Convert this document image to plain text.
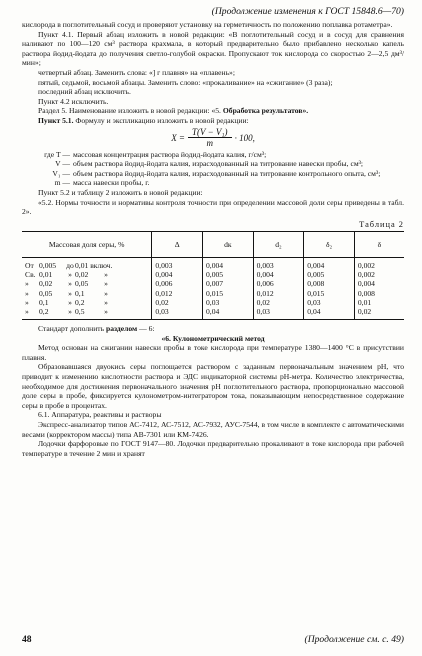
(Продолжение изменения к ГОСТ 15848.6—70)

кислорода в поглотительный сосуд и проверяют установку на герметичность по положению поплавка ротаметра».

Пункт 4.1. Первый абзац изложить в новой редакции: «В поглотительный сосуд и в сосуд для сравнения наливают по 100—120 см³ раствора крахмала, в который предварительно было прибавлено несколько капель раствора йодид-йодата до получения светло-голубой окраски. Пропускают ток кислорода со скоростью 2—2,5 дм³/мин»;

четвертый абзац. Заменить слова: «] г плавня» на «плавень»;

пятый, седьмой, восьмой абзацы. Заменить слово: «прокаливание» на «сжигание» (3 раза);

последний абзац исключить.

Пункт 4.2 исключить.

Раздел 5. Наименование изложить в новой редакции: «5. Обработка результатов».

Пункт 5.1. Формулу и экспликацию изложить в новой редакции:

$X = \frac{\text{T(V − V₁)}}{m} \cdot 100$,
где T — массовая концентрация раствора йодид-йодата калия, г/см³;
V — объем раствора йодид-йодата калия, израсходованный на титрование навески пробы, см³;
V₁ — объем раствора йодид-йодата калия, израсходованный на титрование контрольного опыта, см³;
m — масса навески пробы, г.

Пункт 5.2 и таблицу 2 изложить в новой редакции:

«5.2. Нормы точности и нормативы контроля точности при определении массовой доли серы приведены в табл. 2».

Таблица 2
Массовая доля серы, %	Δ	dк	d₂	δ₂	δ
От 0,005 до0,01 включ.	0,003	0,004	0,003	0,004	0,002
Св. 0,01 » 0,02 »	0,004	0,005	0,004	0,005	0,002
» 0,02 » 0,05 »	0,006	0,007	0,006	0,008	0,004
» 0,05 » 0,1 »	0,012	0,015	0,012	0,015	0,008
» 0,1 » 0,2 »	0,02	0,03	0,02	0,03	0,01
» 0,2 » 0,5 »	0,03	0,04	0,03	0,04	0,02

Стандарт дополнить разделом — 6:

«6. Кулонометрический метод

Метод основан на сжигании навески пробы в токе кислорода при температуре 1380—1400 °С в присутствии плавня.

Образовавшаяся двуокись серы поглощается раствором с заданным первоначальным значением рН, что приводит к изменению кислотности раствора и ЭДС индикаторной системы рН-метра. Количество электричества, необходимое для достижения первоначального значения рН поглотительного раствора, пропорционально массовой доле серы в пробе, фиксируется кулонометром-интегратором тока, показывающим непосредственное содержание серы в пробе в процентах.

6.1. Аппаратура, реактивы и растворы

Экспресс-анализатор типов АС-7412, АС-7512, АС-7932, АУС-7544, в том числе в комплекте с автоматическими весами (корректором массы) типа АВ-7301 или КМ-7426.

Лодочки фарфоровые по ГОСТ 9147—80. Лодочки предварительно прокаливают в токе кислорода при рабочей температуре в течение 2 мин и хранят

48	(Продолжение см. с. 49)
